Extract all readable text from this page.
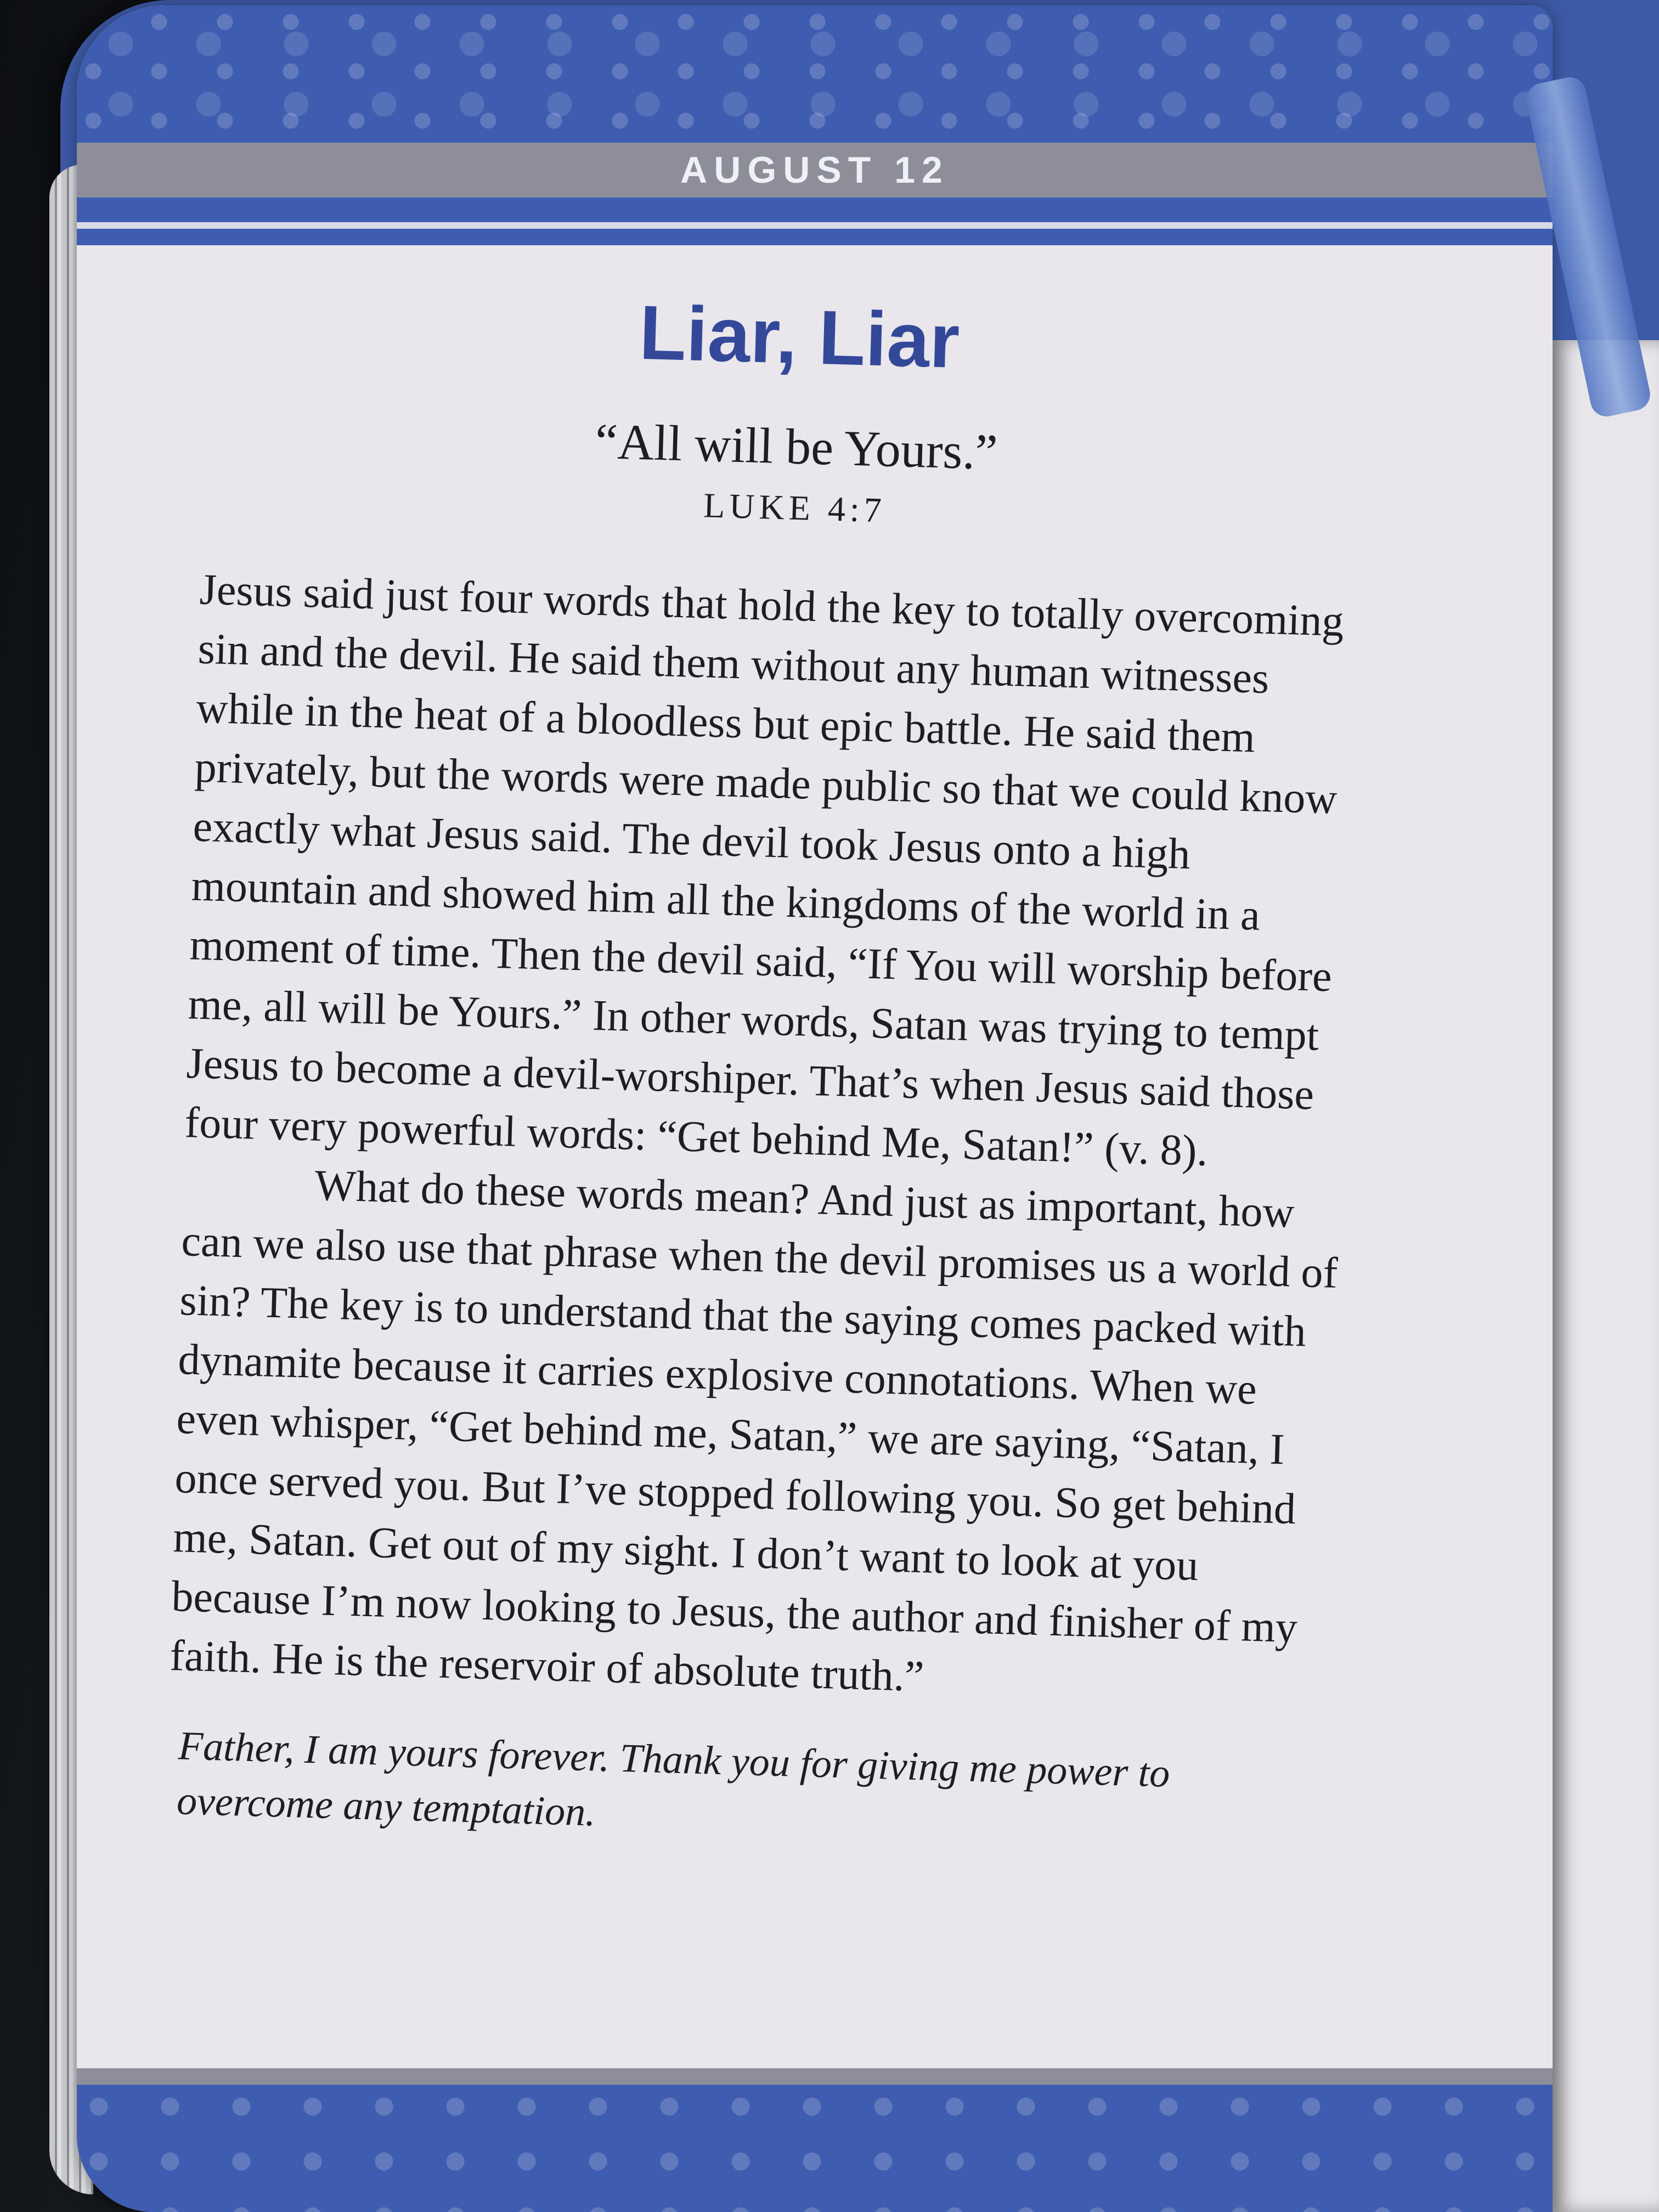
AUGUST 12
Liar, Liar
“All will be Yours.”
LUKE 4:7

Jesus said just four words that hold the key to totally overcoming sin and the devil. He said them without any human witnesses while in the heat of a bloodless but epic battle. He said them privately, but the words were made public so that we could know exactly what Jesus said. The devil took Jesus onto a high mountain and showed him all the kingdoms of the world in a moment of time. Then the devil said, “If You will worship before me, all will be Yours.” In other words, Satan was trying to tempt Jesus to become a devil-worshiper. That’s when Jesus said those four very powerful words: “Get behind Me, Satan!” (v. 8).

What do these words mean? And just as important, how can we also use that phrase when the devil promises us a world of sin? The key is to understand that the saying comes packed with dynamite because it carries explosive connotations. When we even whisper, “Get behind me, Satan,” we are saying, “Satan, I once served you. But I’ve stopped following you. So get behind me, Satan. Get out of my sight. I don’t want to look at you because I’m now looking to Jesus, the author and finisher of my faith. He is the reservoir of absolute truth.”

Father, I am yours forever. Thank you for giving me power to overcome any temptation.
